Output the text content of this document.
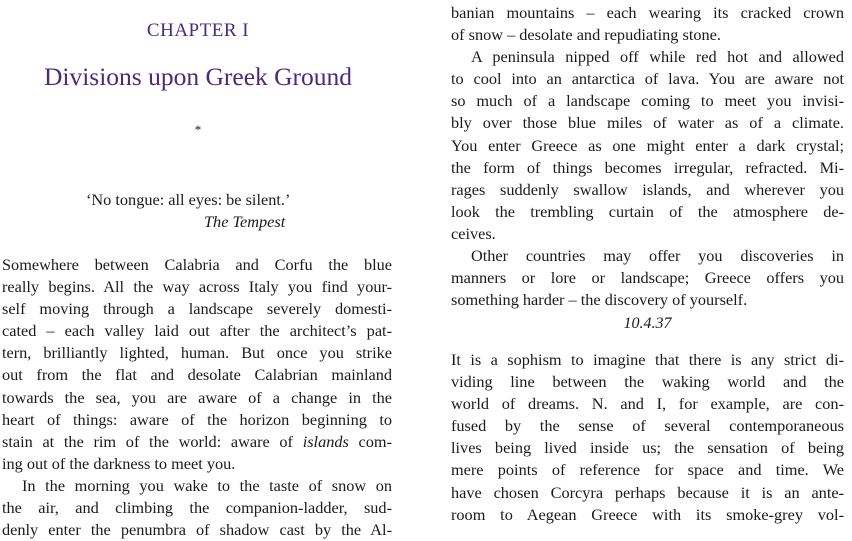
CHAPTER I
Divisions upon Greek Ground
*
‘No tongue: all eyes: be silent.’
The Tempest
Somewhere between Calabria and Corfu the blue
really begins. All the way across Italy you find your-
self moving through a landscape severely domesti-
cated – each valley laid out after the architect’s pat-
tern, brilliantly lighted, human. But once you strike
out from the flat and desolate Calabrian mainland
towards the sea, you are aware of a change in the
heart of things: aware of the horizon beginning to
stain at the rim of the world: aware of islands com-
ing out of the darkness to meet you.
In the morning you wake to the taste of snow on
the air, and climbing the companion-ladder, sud-
denly enter the penumbra of shadow cast by the Al-
banian mountains – each wearing its cracked crown
of snow – desolate and repudiating stone.
A peninsula nipped off while red hot and allowed
to cool into an antarctica of lava. You are aware not
so much of a landscape coming to meet you invisi-
bly over those blue miles of water as of a climate.
You enter Greece as one might enter a dark crystal;
the form of things becomes irregular, refracted. Mi-
rages suddenly swallow islands, and wherever you
look the trembling curtain of the atmosphere de-
ceives.
Other countries may offer you discoveries in
manners or lore or landscape; Greece offers you
something harder – the discovery of yourself.
10.4.37
It is a sophism to imagine that there is any strict di-
viding line between the waking world and the
world of dreams. N. and I, for example, are con-
fused by the sense of several contemporaneous
lives being lived inside us; the sensation of being
mere points of reference for space and time. We
have chosen Corcyra perhaps because it is an ante-
room to Aegean Greece with its smoke-grey vol-
